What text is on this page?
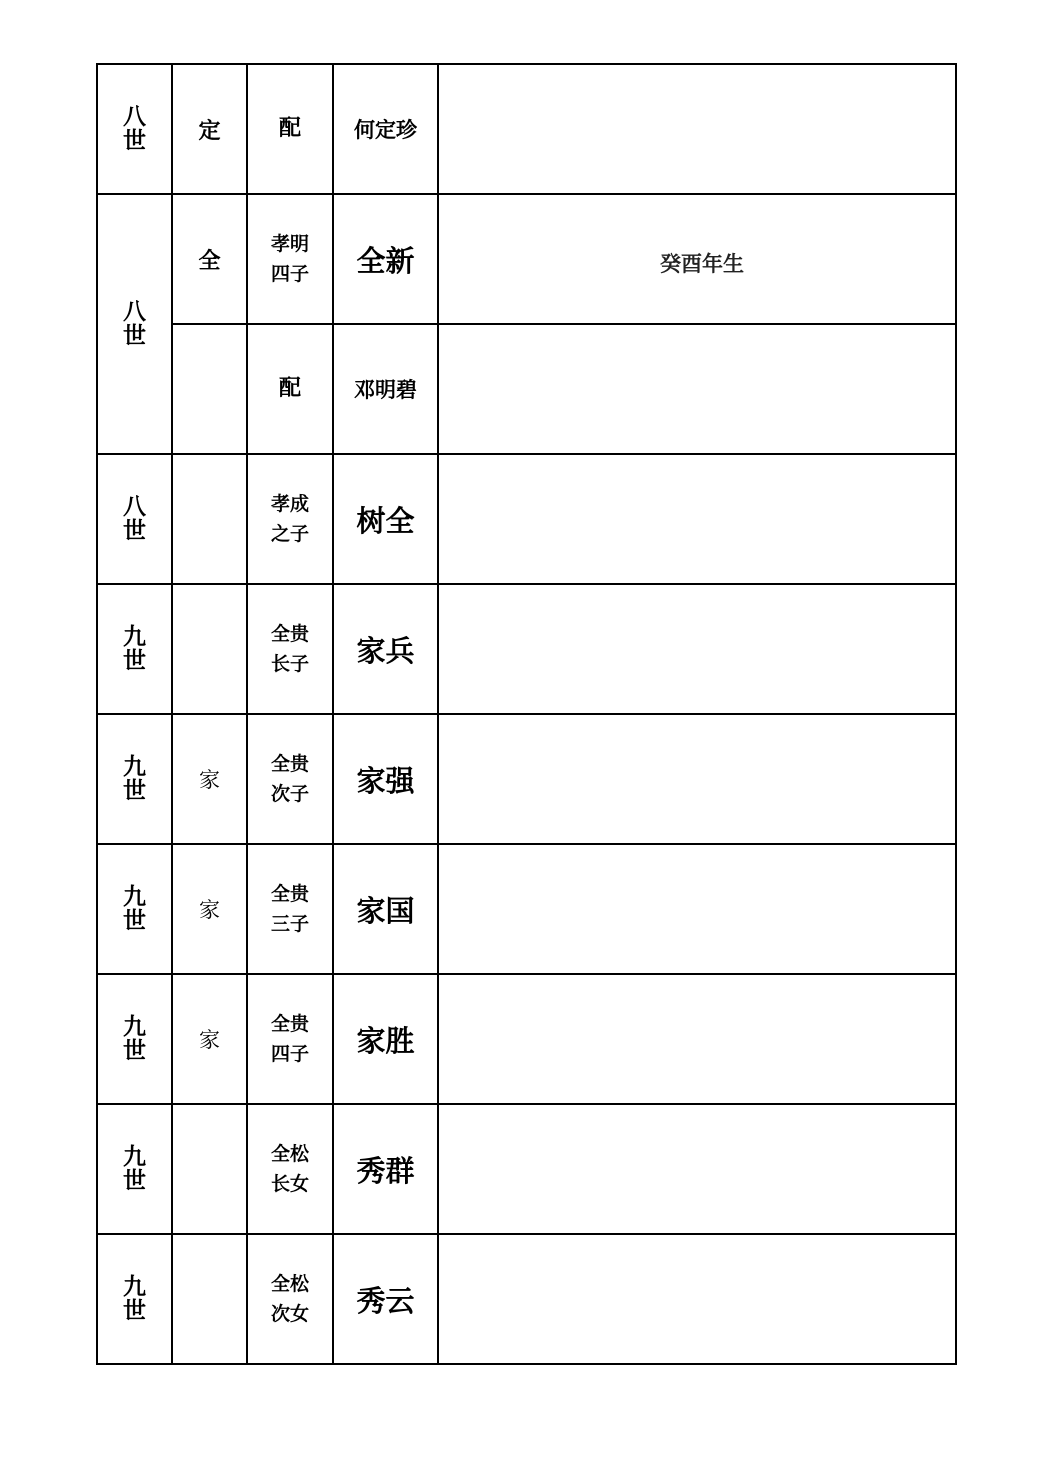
八世	定	配	何定珍	

八世	全	孝明四子	全新	癸酉年生

		配	邓明碧	

八世		孝成之子	树全	

九世		全贵长子	家兵	

九世	家	全贵次子	家强	

九世	家	全贵三子	家国	

九世	家	全贵四子	家胜	

九世		全松长女	秀群	

九世		全松次女	秀云	
